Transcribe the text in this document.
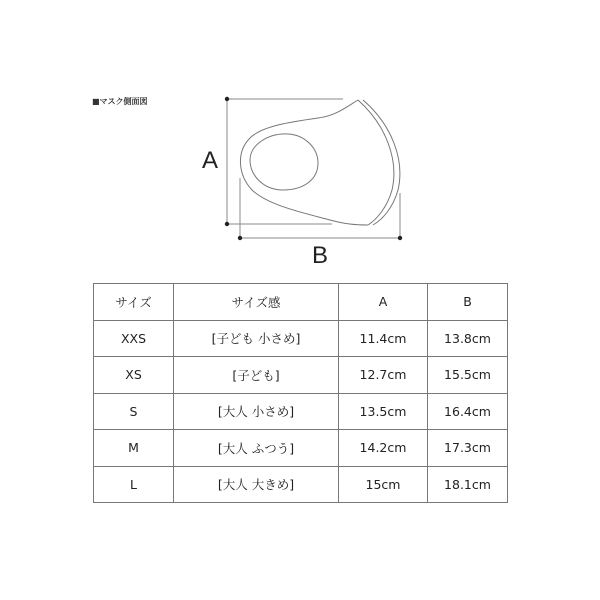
■マスク側面図
A
B
サイズ	サイズ感	A	B
XXS	[子ども 小さめ]	11.4cm	13.8cm
XS	[子ども]	12.7cm	15.5cm
S	[大人 小さめ]	13.5cm	16.4cm
M	[大人 ふつう]	14.2cm	17.3cm
L	[大人 大きめ]	15cm	18.1cm
